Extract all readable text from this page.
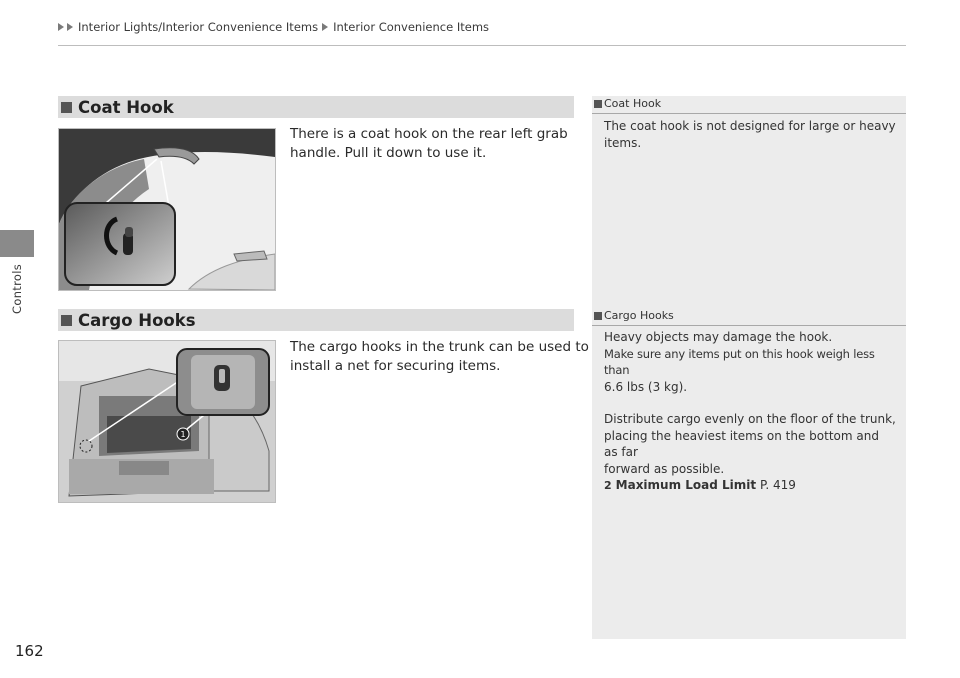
Interior Lights/Interior Convenience Items Interior Convenience Items
Controls
162
Coat Hook
There is a coat hook on the rear left grab
handle. Pull it down to use it.
Cargo Hooks
1
The cargo hooks in the trunk can be used to
install a net for securing items.
Coat Hook

The coat hook is not designed for large or heavy

items.

Cargo Hooks

Heavy objects may damage the hook.

Make sure any items put on this hook weigh less than

6.6 lbs (3 kg).

Distribute cargo evenly on the floor of the trunk,

placing the heaviest items on the bottom and as far

forward as possible.

2 Maximum Load Limit P. 419
